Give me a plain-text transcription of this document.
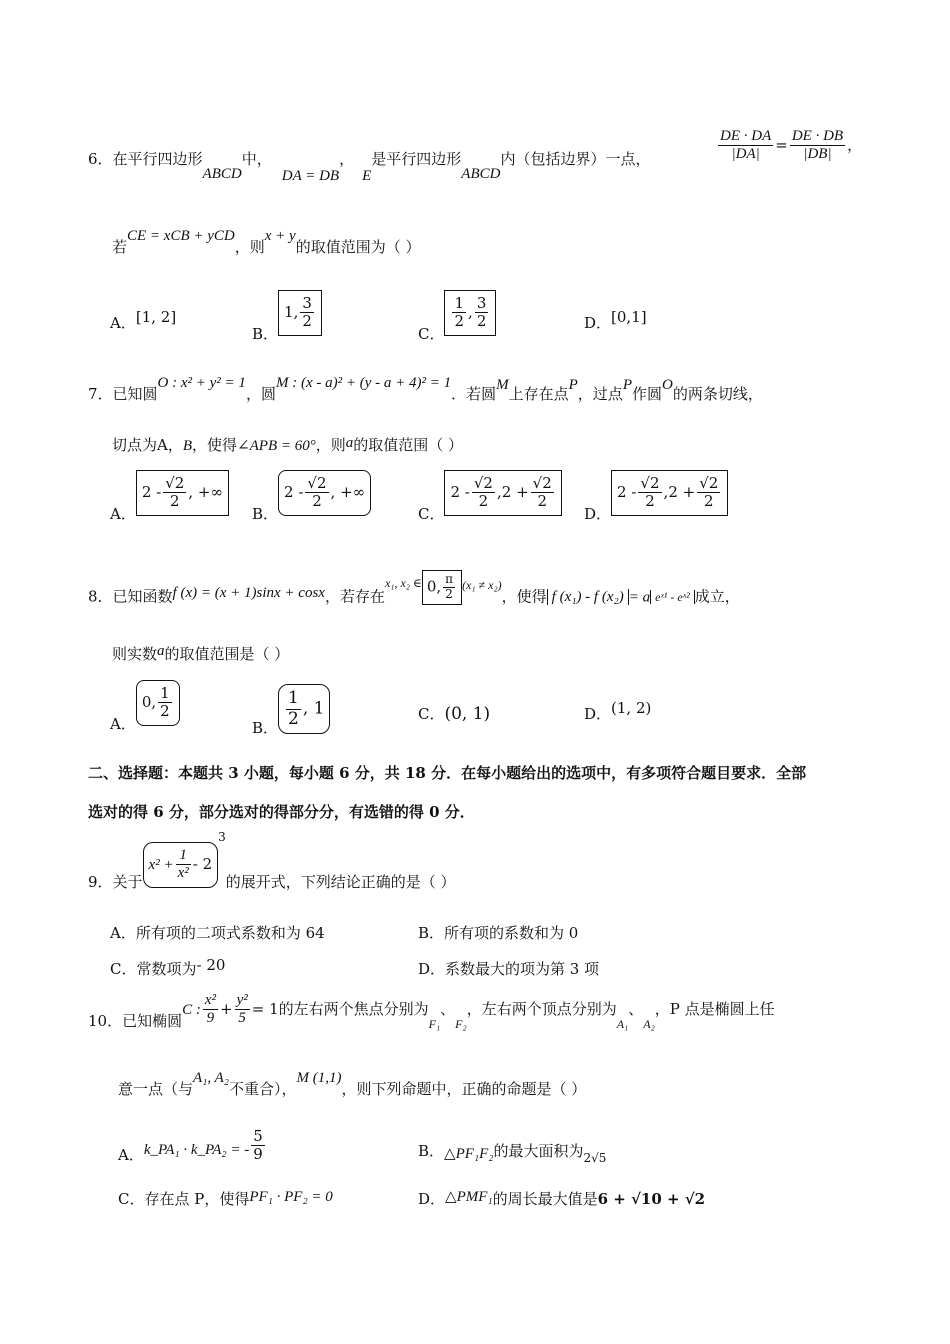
6．在平行四边形ABCD中，DA = DB，E是平行四边形ABCD内（包括边界）一点，	$\frac{DE \cdot DA}{|DA|} = \frac{DE \cdot DB}{|DB|}$ ，
若CE = xCB + yCD，则x + y的取值范围为（ ）
A．[1, 2]
B．1, $\frac{3}{2}$
C．
$\frac{1}{2}$ , $\frac{3}{2}$	D．[0,1]
7．已知圆O : x² + y² = 1，圆M : (x - a)² + (y - a + 4)² = 1．若圆M上存在点P，过点P作圆O的两条切线，
切点为A，B，使得∠APB = 60°，则a的取值范围（ ）
A．$2 - \frac{√2}{2}$ , +∞
B．$2 - \frac{√2}{2}$ , +∞
C．$2 - \frac{√2}{2} ,2 + \frac{√2}{2}$
D．$2 - \frac{√2}{2} ,2 + \frac{√2}{2}$
8．已知函数f (x) = (x + 1)sinx + cosx，若存在$^{x_1, x_2 \in}$ 0, $\frac{\pi}{2} ^{(x_1 \ne x_2)}$，使得 f (x₁) - f (x₂) = a eˣ¹ - eˣ² 成立，
则实数a的取值范围是（ ）
A．0, $\frac{1}{2}$
B． $\frac{1}{2}$ , 1	C．(0, 1)	D．(1, 2)
二、选择题：本题共 3 小题，每小题 6 分，共 18 分．在每小题给出的选项中，有多项符合题目要求．全部
选对的得 6 分，部分选对的得部分分，有选错的得 0 分．
9．关于$x^2 + \frac{1}{\text{x²}} - 2^3$的展开式，下列结论正确的是（ ）
A．所有项的二项式系数和为 64	B．所有项的系数和为 0
C．常数项为- 20	D．系数最大的项为第 3 项
10．已知椭圆C : $\frac{\text{x²}}{9} + \frac{\text{y²}}{5} = 1$的左右两个焦点分别为$_{F_1}$、$_{F_2}$，左右两个顶点分别为$_{A_1}$、$_{A_2}$，P 点是椭圆上任
意一点（与A₁, A₂不重合），M (1,1)，则下列命题中，正确的命题是（ ）
A．k_PA₁ · k_PA₂ = - $\frac{5}{9}$	B．△PF₁F₂的最大面积为$_{2√5}$
C．存在点 P，使得PF₁ · PF₂ = 0	D．△PMF₁的周长最大值是6 + √10 + √2
